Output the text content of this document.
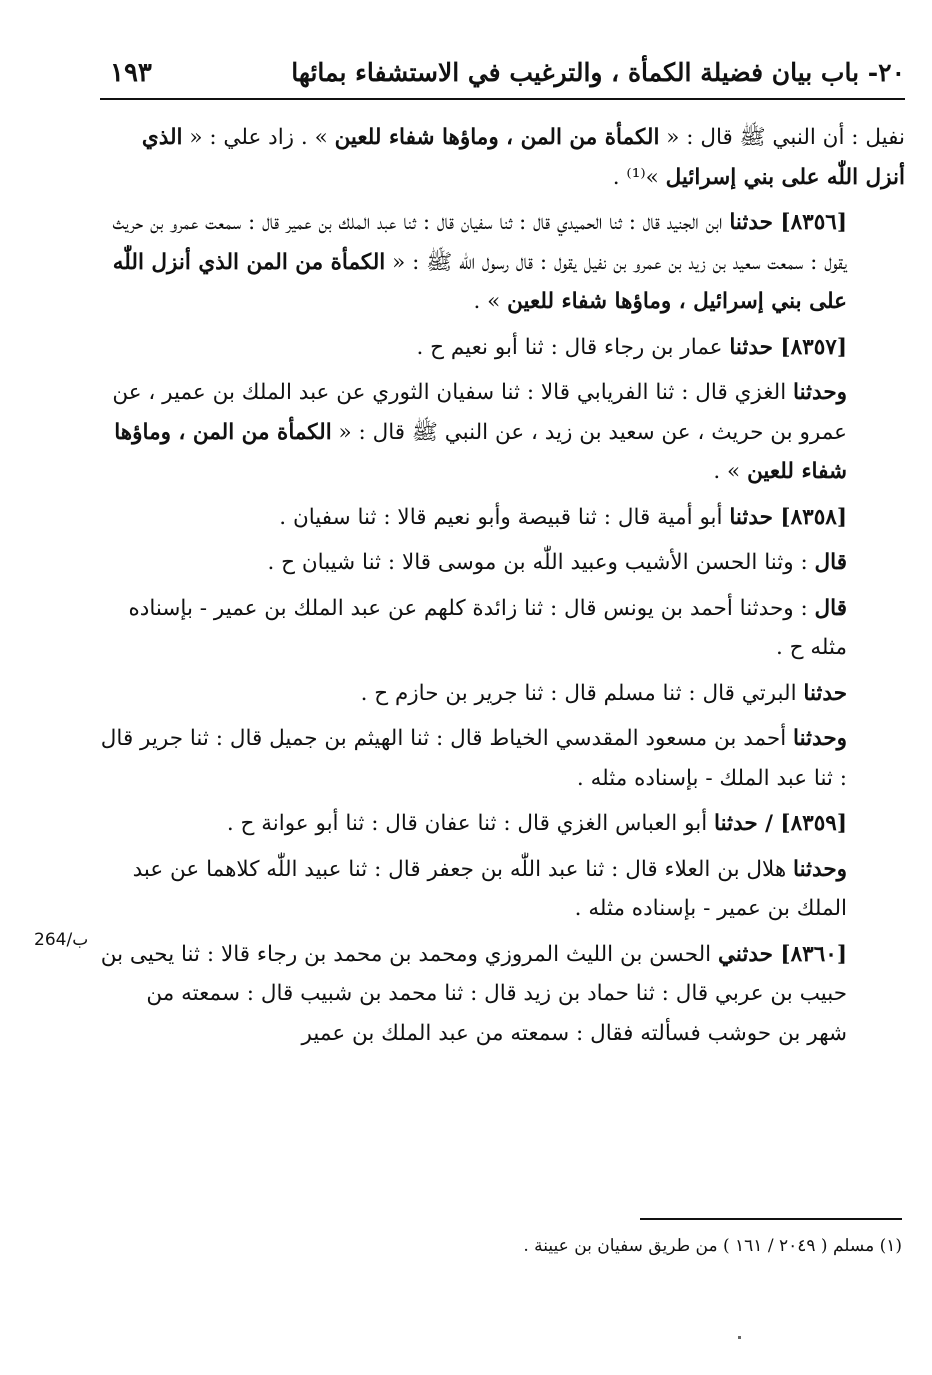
٢٠- باب بيان فضيلة الكمأة ، والترغيب في الاستشفاء بمائها
١٩٣
نفيل : أن النبي ﷺ قال : « الكمأة من المن ، وماؤها شفاء للعين » . زاد علي : « الذي أنزل اللّٰه على بني إسرائيل »⁽¹⁾ .
[٨٣٥٦] حدثنا ابن الجنيد قال : ثنا الحميدي قال : ثنا سفيان قال : ثنا عبد الملك بن عمير قال : سمعت عمرو بن حريث يقول : سمعت سعيد بن زيد بن عمرو بن نفيل يقول : قال رسول اللّٰه ﷺ : « الكمأة من المن الذي أنزل اللّٰه على بني إسرائيل ، وماؤها شفاء للعين » .
[٨٣٥٧] حدثنا عمار بن رجاء قال : ثنا أبو نعيم ح .
وحدثنا الغزي قال : ثنا الفريابي قالا : ثنا سفيان الثوري عن عبد الملك بن عمير ، عن عمرو بن حريث ، عن سعيد بن زيد ، عن النبي ﷺ قال : « الكمأة من المن ، وماؤها شفاء للعين » .
[٨٣٥٨] حدثنا أبو أمية قال : ثنا قبيصة وأبو نعيم قالا : ثنا سفيان .
قال : وثنا الحسن الأشيب وعبيد اللّٰه بن موسى قالا : ثنا شيبان ح .
قال : وحدثنا أحمد بن يونس قال : ثنا زائدة كلهم عن عبد الملك بن عمير - بإسناده مثله ح .
حدثنا البرتي قال : ثنا مسلم قال : ثنا جرير بن حازم ح .
وحدثنا أحمد بن مسعود المقدسي الخياط قال : ثنا الهيثم بن جميل قال : ثنا جرير قال : ثنا عبد الملك - بإسناده مثله .
[٨٣٥٩] / حدثنا أبو العباس الغزي قال : ثنا عفان قال : ثنا أبو عوانة ح .
وحدثنا هلال بن العلاء قال : ثنا عبد اللّٰه بن جعفر قال : ثنا عبيد اللّٰه كلاهما عن عبد الملك بن عمير - بإسناده مثله .
[٨٣٦٠] حدثني الحسن بن الليث المروزي ومحمد بن محمد بن رجاء قالا : ثنا يحيى بن حبيب بن عربي قال : ثنا حماد بن زيد قال : ثنا محمد بن شبيب قال : سمعته من شهر بن حوشب فسألته فقال : سمعته من عبد الملك بن عمير
264/ب
(١) مسلم ( ٢٠٤٩ / ١٦١ ) من طريق سفيان بن عيينة .
